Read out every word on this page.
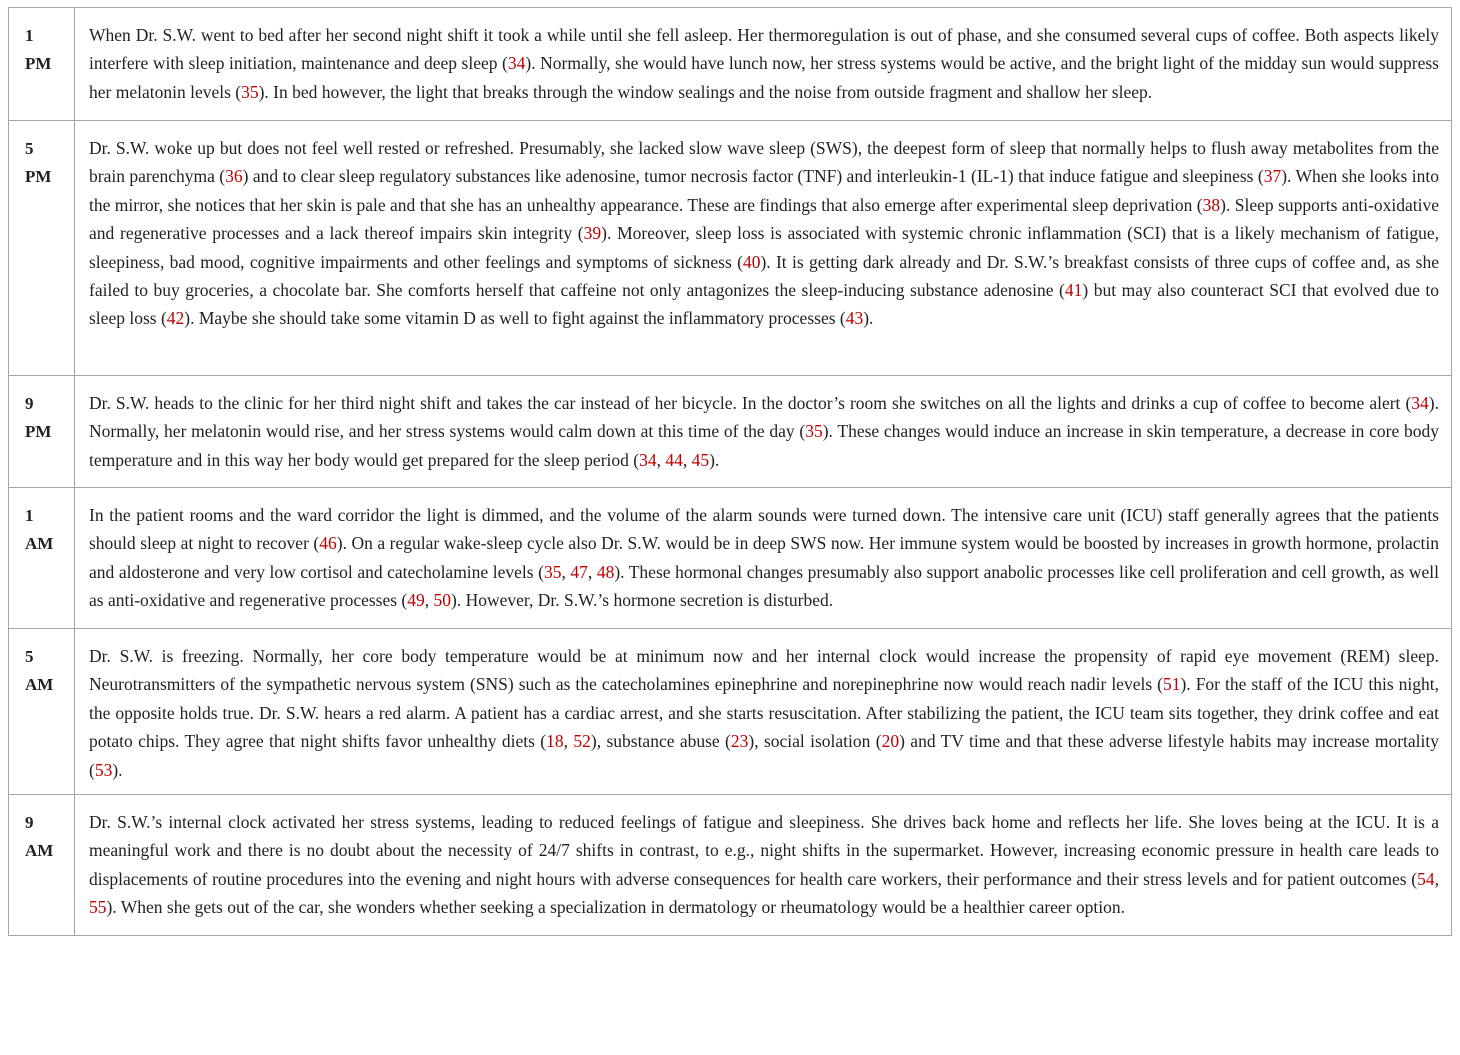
1
PM	When Dr. S.W. went to bed after her second night shift it took a while until she fell asleep. Her thermoregulation is out of phase, and she consumed several cups of coffee. Both aspects likely interfere with sleep initiation, maintenance and deep sleep (34). Normally, she would have lunch now, her stress systems would be active, and the bright light of the midday sun would suppress her melatonin levels (35). In bed however, the light that breaks through the window sealings and the noise from outside fragment and shallow her sleep.

5
PM	Dr. S.W. woke up but does not feel well rested or refreshed. Presumably, she lacked slow wave sleep (SWS), the deepest form of sleep that normally helps to flush away metabolites from the brain parenchyma (36) and to clear sleep regulatory substances like adenosine, tumor necrosis factor (TNF) and interleukin-1 (IL-1) that induce fatigue and sleepiness (37). When she looks into the mirror, she notices that her skin is pale and that she has an unhealthy appearance. These are findings that also emerge after experimental sleep deprivation (38). Sleep supports anti-oxidative and regenerative processes and a lack thereof impairs skin integrity (39). Moreover, sleep loss is associated with systemic chronic inflammation (SCI) that is a likely mechanism of fatigue, sleepiness, bad mood, cognitive impairments and other feelings and symptoms of sickness (40). It is getting dark already and Dr. S.W.’s breakfast consists of three cups of coffee and, as she failed to buy groceries, a chocolate bar. She comforts herself that caffeine not only antagonizes the sleep-inducing substance adenosine (41) but may also counteract SCI that evolved due to sleep loss (42). Maybe she should take some vitamin D as well to fight against the inflammatory processes (43).

9
PM	Dr. S.W. heads to the clinic for her third night shift and takes the car instead of her bicycle. In the doctor’s room she switches on all the lights and drinks a cup of coffee to become alert (34). Normally, her melatonin would rise, and her stress systems would calm down at this time of the day (35). These changes would induce an increase in skin temperature, a decrease in core body temperature and in this way her body would get prepared for the sleep period (34, 44, 45).

1
AM	In the patient rooms and the ward corridor the light is dimmed, and the volume of the alarm sounds were turned down. The intensive care unit (ICU) staff generally agrees that the patients should sleep at night to recover (46). On a regular wake-sleep cycle also Dr. S.W. would be in deep SWS now. Her immune system would be boosted by increases in growth hormone, prolactin and aldosterone and very low cortisol and catecholamine levels (35, 47, 48). These hormonal changes presumably also support anabolic processes like cell proliferation and cell growth, as well as anti-oxidative and regenerative processes (49, 50). However, Dr. S.W.’s hormone secretion is disturbed.

5
AM	Dr. S.W. is freezing. Normally, her core body temperature would be at minimum now and her internal clock would increase the propensity of rapid eye movement (REM) sleep. Neurotransmitters of the sympathetic nervous system (SNS) such as the catecholamines epinephrine and norepinephrine now would reach nadir levels (51). For the staff of the ICU this night, the opposite holds true. Dr. S.W. hears a red alarm. A patient has a cardiac arrest, and she starts resuscitation. After stabilizing the patient, the ICU team sits together, they drink coffee and eat potato chips. They agree that night shifts favor unhealthy diets (18, 52), substance abuse (23), social isolation (20) and TV time and that these adverse lifestyle habits may increase mortality (53).

9
AM	Dr. S.W.’s internal clock activated her stress systems, leading to reduced feelings of fatigue and sleepiness. She drives back home and reflects her life. She loves being at the ICU. It is a meaningful work and there is no doubt about the necessity of 24/7 shifts in contrast, to e.g., night shifts in the supermarket. However, increasing economic pressure in health care leads to displacements of routine procedures into the evening and night hours with adverse consequences for health care workers, their performance and their stress levels and for patient outcomes (54, 55). When she gets out of the car, she wonders whether seeking a specialization in dermatology or rheumatology would be a healthier career option.
